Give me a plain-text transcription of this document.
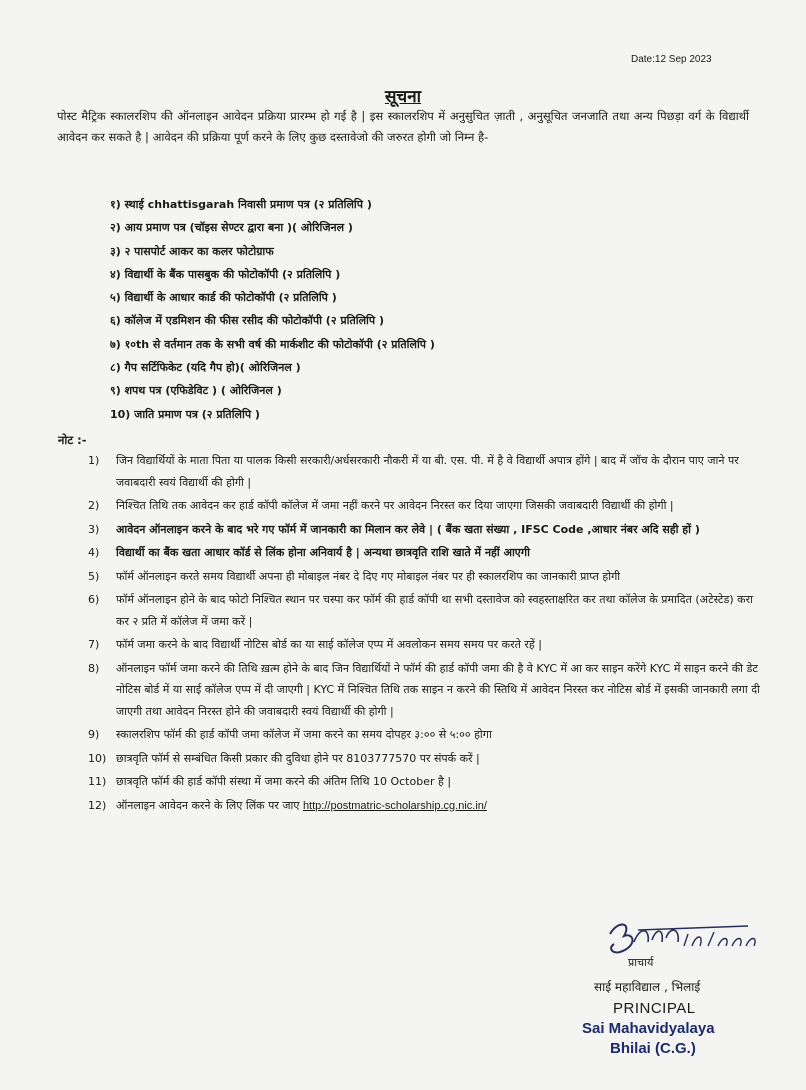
Date:12 Sep 2023
सूचना
पोस्ट मैट्रिक स्कालरशिप की ऑनलाइन आवेदन प्रक्रिया प्रारम्भ हो गई है | इस स्कालरशिप में अनुसुचित ज़ाती , अनुसूचित जनजाति तथा अन्य पिछड़ा वर्ग के विद्यार्थी आवेदन कर सकते है | आवेदन की प्रक्रिया पूर्ण करने के लिए कुछ दस्तावेजो की जरुरत होगी जो निम्न है-
१) स्थाई chhattisgarah निवासी प्रमाण पत्र (२ प्रतिलिपि )
२) आय प्रमाण पत्र (चॉइस सेण्टर द्वारा बना )( ओरिजिनल )
३) २ पासपोर्ट आकर का कलर फोटोग्राफ
४) विद्यार्थी के बैंक पासबुक की फोटोकॉपी (२ प्रतिलिपि )
५) विद्यार्थी के आधार कार्ड की फोटोकॉपी (२ प्रतिलिपि )
६) कॉलेज में एडमिशन की फीस रसीद की फोटोकॉपी (२ प्रतिलिपि )
७) १०th से वर्तमान तक के सभी वर्ष की मार्कशीट की फोटोकॉपी (२ प्रतिलिपि )
८) गैप सर्टिफिकेट (यदि गैप हो)( ओरिजिनल )
९) शपथ पत्र (एफिडेविट ) ( ओरिजिनल )
10) जाति प्रमाण पत्र (२ प्रतिलिपि )
नोट :-
1)	जिन विद्यार्थियों के माता पिता या पालक किसी सरकारी/अर्धसरकारी नौकरी में या बी. एस. पी. में है वे विद्यार्थी अपात्र होंगे | बाद में जॉच के दौरान पाए जाने पर जवाबदारी स्वयं विद्यार्थी की होगी |
2)	निश्चित तिथि तक आवेदन कर हार्ड कॉपी कॉलेज में जमा नहीं करने पर आवेदन निरस्त कर दिया जाएगा जिसकी जवाबदारी विद्यार्थी की होगी |
3)	आवेदन ऑनलाइन करने के बाद भरे गए फॉर्म में जानकारी का मिलान कर लेवे | ( बैंक खता संख्या , IFSC Code ,आधार नंबर अदि सही हों )
4)	विद्यार्थी का बैंक खता आधार कॉर्ड से लिंक होना अनिवार्य है | अन्यथा छात्रवृति राशि खाते में नहीं आएगी
5)	फॉर्म ऑनलाइन करते समय विद्यार्थी अपना ही मोबाइल नंबर दे दिए गए मोबाइल नंबर पर ही स्कालरशिप का जानकारी प्राप्त होगी
6)	फॉर्म ऑनलाइन होने के बाद फोटो निश्चित स्थान पर चस्पा कर फॉर्म की हार्ड कॉपी था सभी दस्तावेज को स्वहस्ताक्षरित कर तथा कॉलेज के प्रमादित (अटेस्टेड) करा कर २ प्रति में कॉलेज में जमा करें |
7)	फॉर्म जमा करने के बाद विद्यार्थी नोटिस बोर्ड का या साई कॉलेज एप्प में अवलोकन समय समय पर करते रहें |
8)	ऑनलाइन फॉर्म जमा करने की तिथि ख़त्म होने के बाद जिन विद्यार्थियों ने फॉर्म की हार्ड कॉपी जमा की है वे KYC में आ कर साइन करेंगे KYC में साइन करने की डेट नोटिस बोर्ड में या साई कॉलेज एप्प में दी जाएगी | KYC में निश्चित तिथि तक साइन न करने की स्तिथि में आवेदन निरस्त कर नोटिस बोर्ड में इसकी जानकारी लगा दी जाएगी तथा आवेदन निरस्त होने की जवाबदारी स्वयं विद्यार्थी की होगी |
9)	स्कालरशिप फॉर्म की हार्ड कॉपी जमा कॉलेज में जमा करने का समय दोपहर ३:०० से ५:०० होगा
10) छात्रवृति फॉर्म से सम्बंधित किसी प्रकार की दुविधा होने पर 8103777570 पर संपर्क करें |
11) छात्रवृति फॉर्म की हार्ड कॉपी संस्था में जमा करने की अंतिम तिथि 10 October है |
12) ऑनलाइन आवेदन करने के लिए लिंक पर जाए http://postmatric-scholarship.cg.nic.in/
प्राचार्य
साई महाविद्याल , भिलाई
PRINCIPAL
Sai Mahavidyalaya
Bhilai (C.G.)
